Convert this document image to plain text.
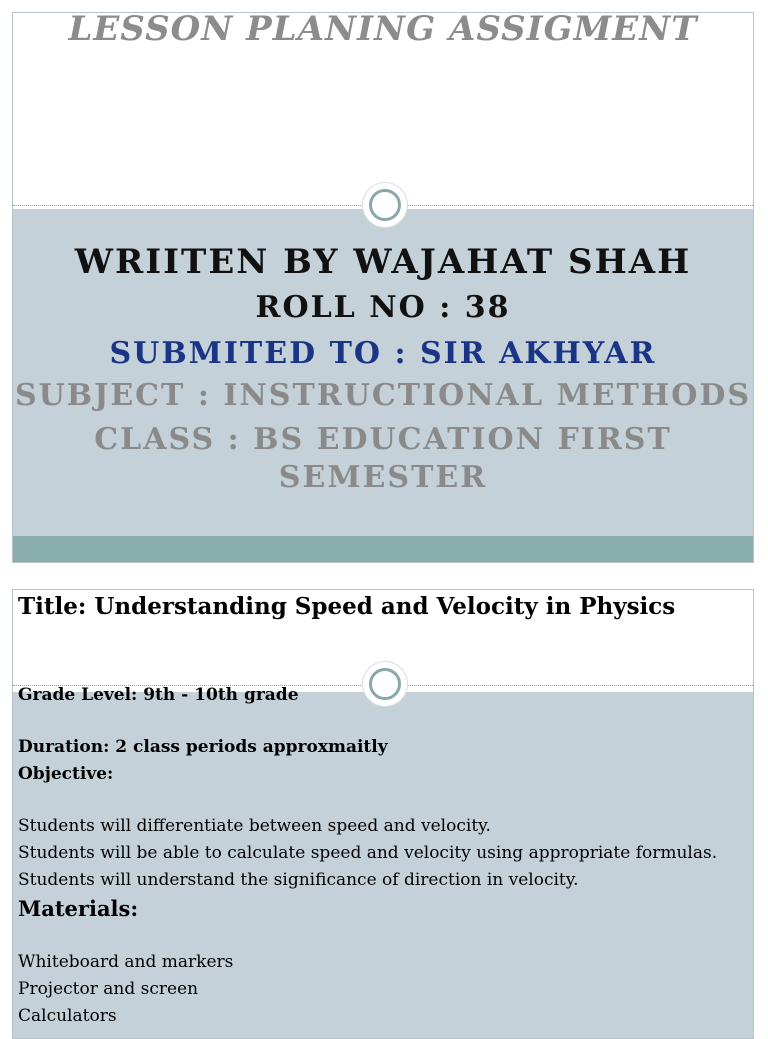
LESSON PLANING ASSIGMENT

WRIITEN BY WAJAHAT SHAH

ROLL NO : 38

SUBMITED TO : SIR AKHYAR

SUBJECT : INSTRUCTIONAL METHODS

CLASS : BS EDUCATION FIRST SEMESTER

Title: Understanding Speed and Velocity in Physics

Grade Level: 9th - 10th grade

Duration: 2 class periods approxmaitly

Objective:

Students will differentiate between speed and velocity.
Students will be able to calculate speed and velocity using appropriate formulas.
Students will understand the significance of direction in velocity.

Materials:

Whiteboard and markers
Projector and screen
Calculators
